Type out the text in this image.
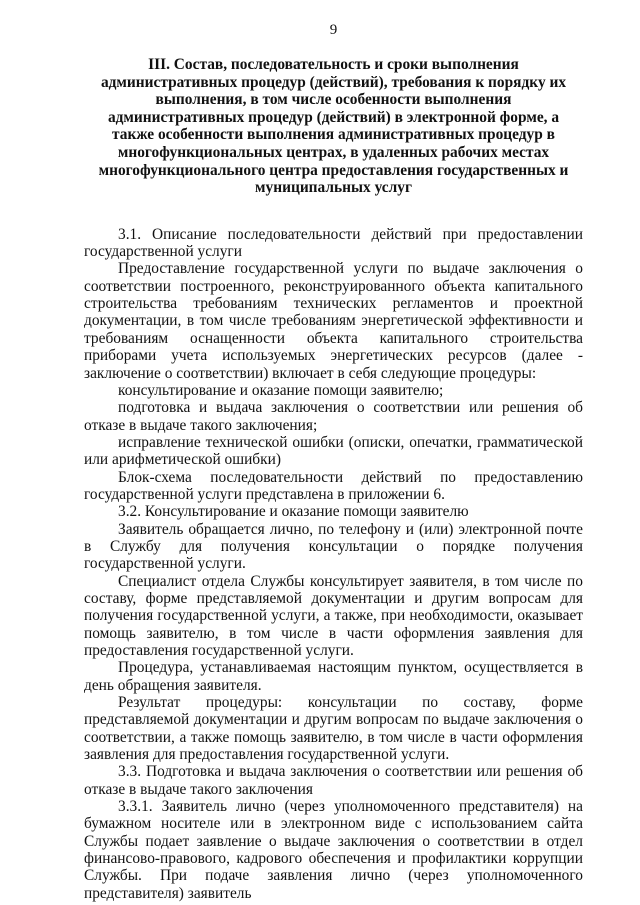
9
III. Состав, последовательность и сроки выполнения административных процедур (действий), требования к порядку их выполнения, в том числе особенности выполнения административных процедур (действий) в электронной форме, а также особенности выполнения административных процедур в многофункциональных центрах, в удаленных рабочих местах многофункционального центра предоставления государственных и муниципальных услуг

3.1. Описание последовательности действий при предоставлении государственной услуги

Предоставление государственной услуги по выдаче заключения о соответствии построенного, реконструированного объекта капитального строительства требованиям технических регламентов и проектной документации, в том числе требованиям энергетической эффективности и требованиям оснащенности объекта капитального строительства приборами учета используемых энергетических ресурсов (далее - заключение о соответствии) включает в себя следующие процедуры:

консультирование и оказание помощи заявителю;

подготовка и выдача заключения о соответствии или решения об отказе в выдаче такого заключения;

исправление технической ошибки (описки, опечатки, грамматической или арифметической ошибки)

Блок-схема последовательности действий по предоставлению государственной услуги представлена в приложении 6.

3.2. Консультирование и оказание помощи заявителю

Заявитель обращается лично, по телефону и (или) электронной почте в Службу для получения консультации о порядке получения государственной услуги.

Специалист отдела Службы консультирует заявителя, в том числе по составу, форме представляемой документации и другим вопросам для получения государственной услуги, а также, при необходимости, оказывает помощь заявителю, в том числе в части оформления заявления для предоставления государственной услуги.

Процедура, устанавливаемая настоящим пунктом, осуществляется в день обращения заявителя.

Результат процедуры: консультации по составу, форме представляемой документации и другим вопросам по выдаче заключения о соответствии, а также помощь заявителю, в том числе в части оформления заявления для предоставления государственной услуги.

3.3. Подготовка и выдача заключения о соответствии или решения об отказе в выдаче такого заключения

3.3.1. Заявитель лично (через уполномоченного представителя) на бумажном носителе или в электронном виде с использованием сайта Службы подает заявление о выдаче заключения о соответствии в отдел финансово-правового, кадрового обеспечения и профилактики коррупции Службы. При подаче заявления лично (через уполномоченного представителя) заявитель
